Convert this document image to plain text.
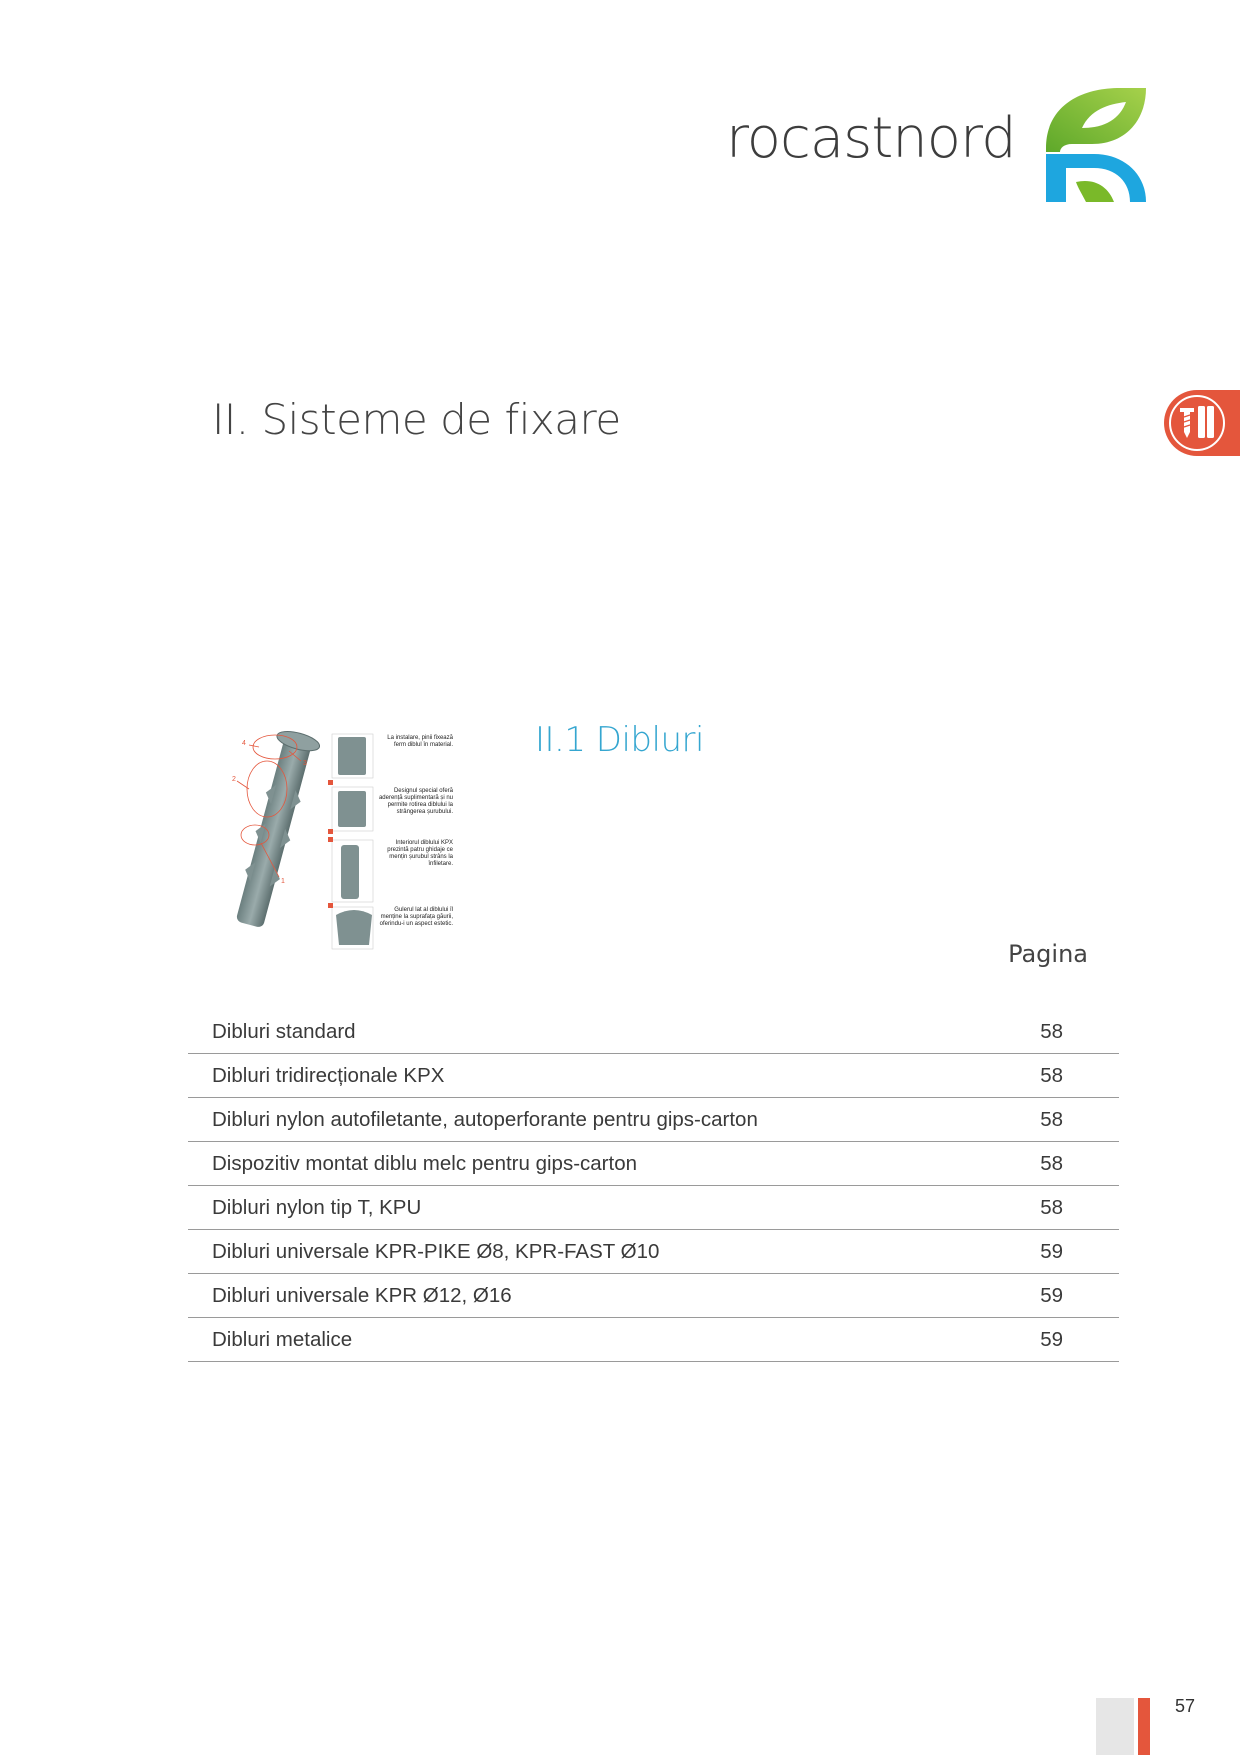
rocastnord
II. Sisteme de fixare
4
3
2
1
La instalare, pinii fixează ferm diblul în material.
Designul special oferă aderență suplimentară și nu permite rotirea diblului la strângerea șurubului.
Interiorul diblului KPX prezintă patru ghidaje ce mențin șurubul strâns la înfiletare.
Gulerul lat al diblului îl menține la suprafața găurii, oferindu-i un aspect estetic.
II.1 Dibluri
Pagina
Dibluri standard	58
Dibluri tridirecționale KPX	58
Dibluri nylon autofiletante, autoperforante pentru gips-carton	58
Dispozitiv montat diblu melc pentru gips-carton	58
Dibluri nylon tip T, KPU	58
Dibluri universale KPR-PIKE Ø8, KPR-FAST Ø10	59
Dibluri universale KPR Ø12, Ø16	59
Dibluri metalice	59
57
